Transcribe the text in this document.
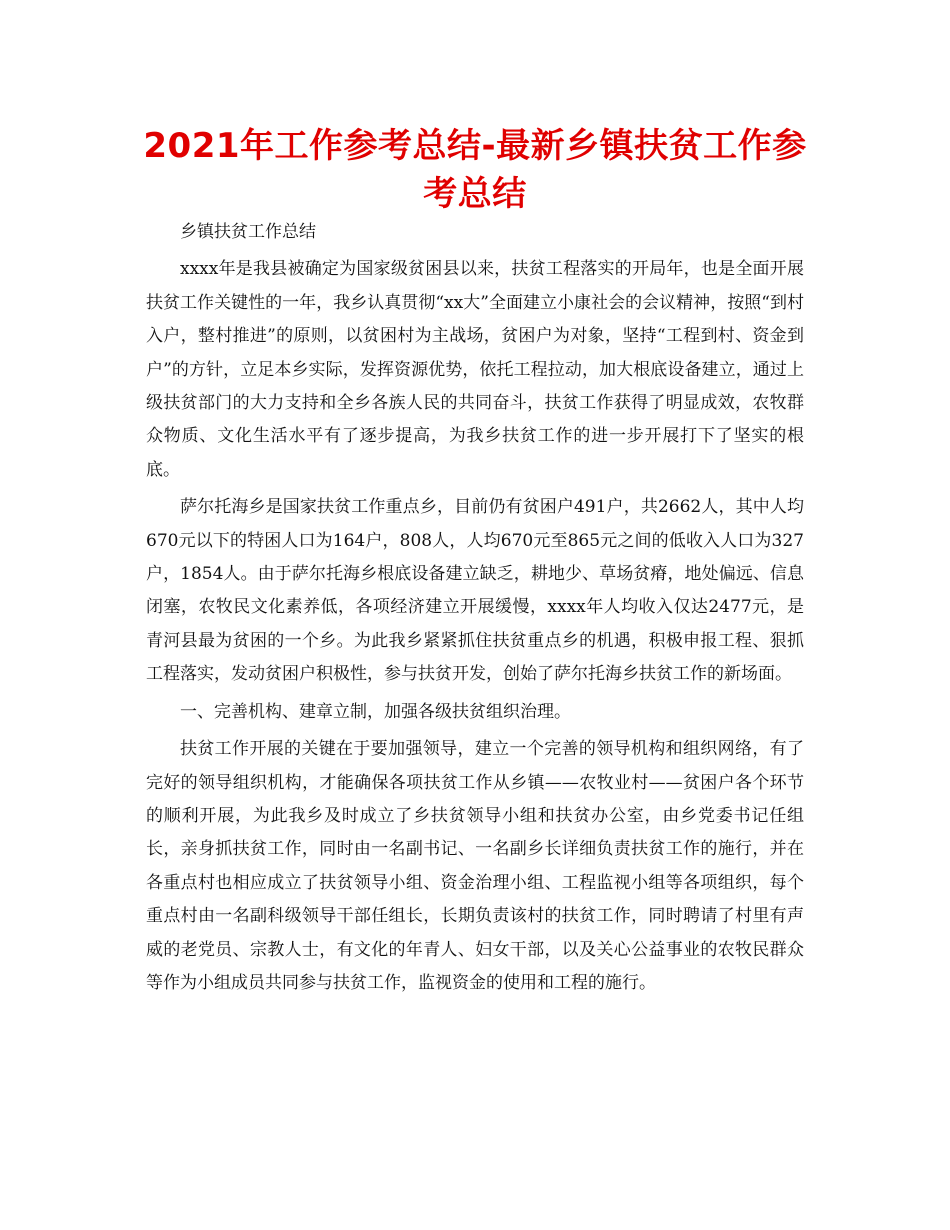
2021年工作参考总结-最新乡镇扶贫工作参考总结

乡镇扶贫工作总结

xxxx年是我县被确定为国家级贫困县以来，扶贫工程落实的开局年，也是全面开展扶贫工作关键性的一年，我乡认真贯彻“xx大”全面建立小康社会的会议精神，按照“到村入户，整村推进”的原则，以贫困村为主战场，贫困户为对象，坚持“工程到村、资金到户”的方针，立足本乡实际，发挥资源优势，依托工程拉动，加大根底设备建立，通过上级扶贫部门的大力支持和全乡各族人民的共同奋斗，扶贫工作获得了明显成效，农牧群众物质、文化生活水平有了逐步提高，为我乡扶贫工作的进一步开展打下了坚实的根底。

萨尔托海乡是国家扶贫工作重点乡，目前仍有贫困户491户，共2662人，其中人均670元以下的特困人口为164户，808人，人均670元至865元之间的低收入人口为327户，1854人。由于萨尔托海乡根底设备建立缺乏，耕地少、草场贫瘠，地处偏远、信息闭塞，农牧民文化素养低，各项经济建立开展缓慢，xxxx年人均收入仅达2477元，是青河县最为贫困的一个乡。为此我乡紧紧抓住扶贫重点乡的机遇，积极申报工程、狠抓工程落实，发动贫困户积极性，参与扶贫开发，创始了萨尔托海乡扶贫工作的新场面。

一、完善机构、建章立制，加强各级扶贫组织治理。

扶贫工作开展的关键在于要加强领导，建立一个完善的领导机构和组织网络，有了完好的领导组织机构，才能确保各项扶贫工作从乡镇——农牧业村——贫困户各个环节的顺利开展，为此我乡及时成立了乡扶贫领导小组和扶贫办公室，由乡党委书记任组长，亲身抓扶贫工作，同时由一名副书记、一名副乡长详细负责扶贫工作的施行，并在各重点村也相应成立了扶贫领导小组、资金治理小组、工程监视小组等各项组织，每个重点村由一名副科级领导干部任组长，长期负责该村的扶贫工作，同时聘请了村里有声威的老党员、宗教人士，有文化的年青人、妇女干部，以及关心公益事业的农牧民群众等作为小组成员共同参与扶贫工作，监视资金的使用和工程的施行。
